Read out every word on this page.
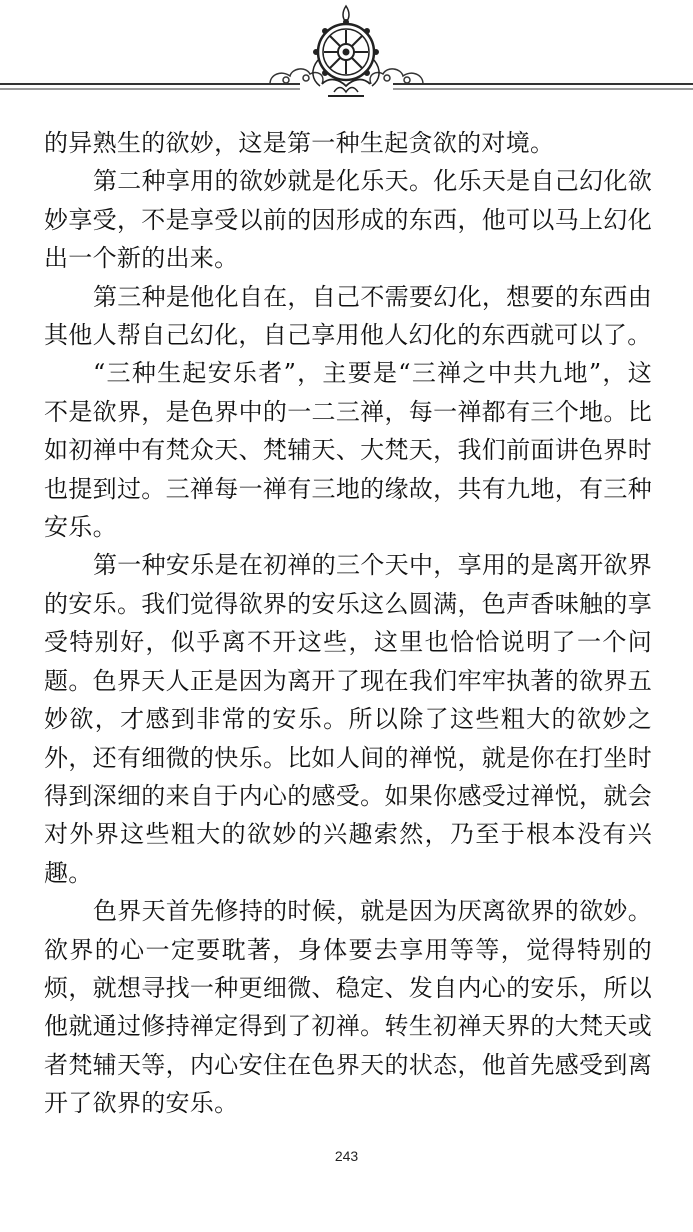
的异熟生的欲妙，这是第一种生起贪欲的对境。

第二种享用的欲妙就是化乐天。化乐天是自己幻化欲妙享受，不是享受以前的因形成的东西，他可以马上幻化出一个新的出来。

第三种是他化自在，自己不需要幻化，想要的东西由其他人帮自己幻化，自己享用他人幻化的东西就可以了。

“三种生起安乐者”，主要是“三禅之中共九地”，这不是欲界，是色界中的一二三禅，每一禅都有三个地。比如初禅中有梵众天、梵辅天、大梵天，我们前面讲色界时也提到过。三禅每一禅有三地的缘故，共有九地，有三种安乐。

第一种安乐是在初禅的三个天中，享用的是离开欲界的安乐。我们觉得欲界的安乐这么圆满，色声香味触的享受特别好，似乎离不开这些，这里也恰恰说明了一个问题。色界天人正是因为离开了现在我们牢牢执著的欲界五妙欲，才感到非常的安乐。所以除了这些粗大的欲妙之外，还有细微的快乐。比如人间的禅悦，就是你在打坐时得到深细的来自于内心的感受。如果你感受过禅悦，就会对外界这些粗大的欲妙的兴趣索然，乃至于根本没有兴趣。

色界天首先修持的时候，就是因为厌离欲界的欲妙。欲界的心一定要耽著，身体要去享用等等，觉得特别的烦，就想寻找一种更细微、稳定、发自内心的安乐，所以他就通过修持禅定得到了初禅。转生初禅天界的大梵天或者梵辅天等，内心安住在色界天的状态，他首先感受到离开了欲界的安乐。

243
